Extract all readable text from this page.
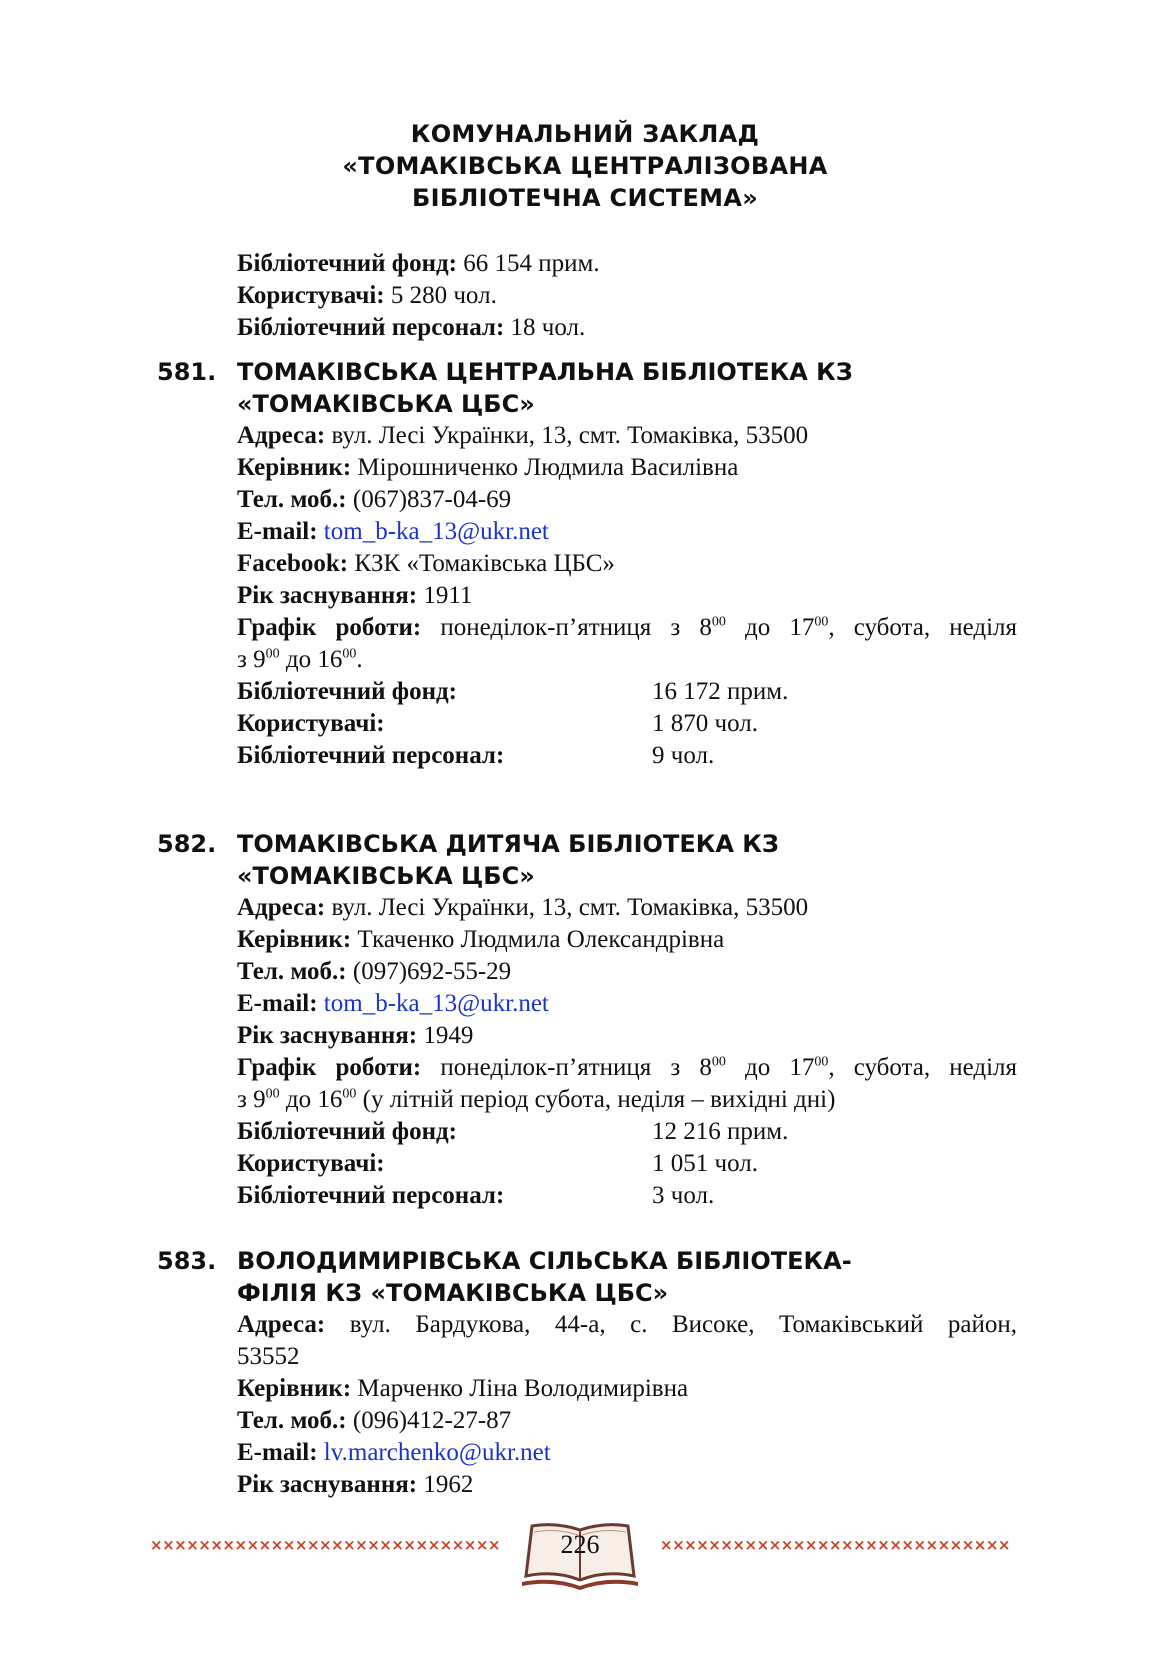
КОМУНАЛЬНИЙ ЗАКЛАД
«ТОМАКІВСЬКА ЦЕНТРАЛІЗОВАНА
БІБЛІОТЕЧНА СИСТЕМА»
Бібліотечний фонд: 66 154 прим.
Користувачі: 5 280 чол.
Бібліотечний персонал: 18 чол.
581. ТОМАКІВСЬКА ЦЕНТРАЛЬНА БІБЛІОТЕКА КЗ
«ТОМАКІВСЬКА ЦБС»
Адреса: вул. Лесі Українки, 13, смт. Томаківка, 53500
Керівник: Мірошниченко Людмила Василівна
Тел. моб.: (067)837-04-69
E-mail: tom_b-ka_13@ukr.net
Facebook: КЗК «Томаківська ЦБС»
Рік заснування: 1911
Графік роботи: понеділок-п’ятниця з $8^{00}$ до $17^{00}$, субота, неділя
з $9^{00}$ до $16^{00}$.
Бібліотечний фонд:	16 172 прим.
Користувачі:	1 870 чол.
Бібліотечний персонал:	9 чол.
582. ТОМАКІВСЬКА ДИТЯЧА БІБЛІОТЕКА КЗ
«ТОМАКІВСЬКА ЦБС»
Адреса: вул. Лесі Українки, 13, смт. Томаківка, 53500
Керівник: Ткаченко Людмила Олександрівна
Тел. моб.: (097)692-55-29
E-mail: tom_b-ka_13@ukr.net
Рік заснування: 1949
Графік роботи: понеділок-п’ятниця з $8^{00}$ до $17^{00}$, субота, неділя
з $9^{00}$ до $16^{00}$ (у літній період субота, неділя – вихідні дні)
Бібліотечний фонд:	12 216 прим.
Користувачі:	1 051 чол.
Бібліотечний персонал:	3 чол.
583. ВОЛОДИМИРІВСЬКА СІЛЬСЬКА БІБЛІОТЕКА-
ФІЛІЯ КЗ «ТОМАКІВСЬКА ЦБС»
Адреса: вул. Бардукова, 44-а, с. Високе, Томаківський район,
53552
Керівник: Марченко Ліна Володимирівна
Тел. моб.: (096)412-27-87
E-mail: lv.marchenko@ukr.net
Рік заснування: 1962
×××××××××××××××××××××××××××××	226	×××××××××××××××××××××××××××××
